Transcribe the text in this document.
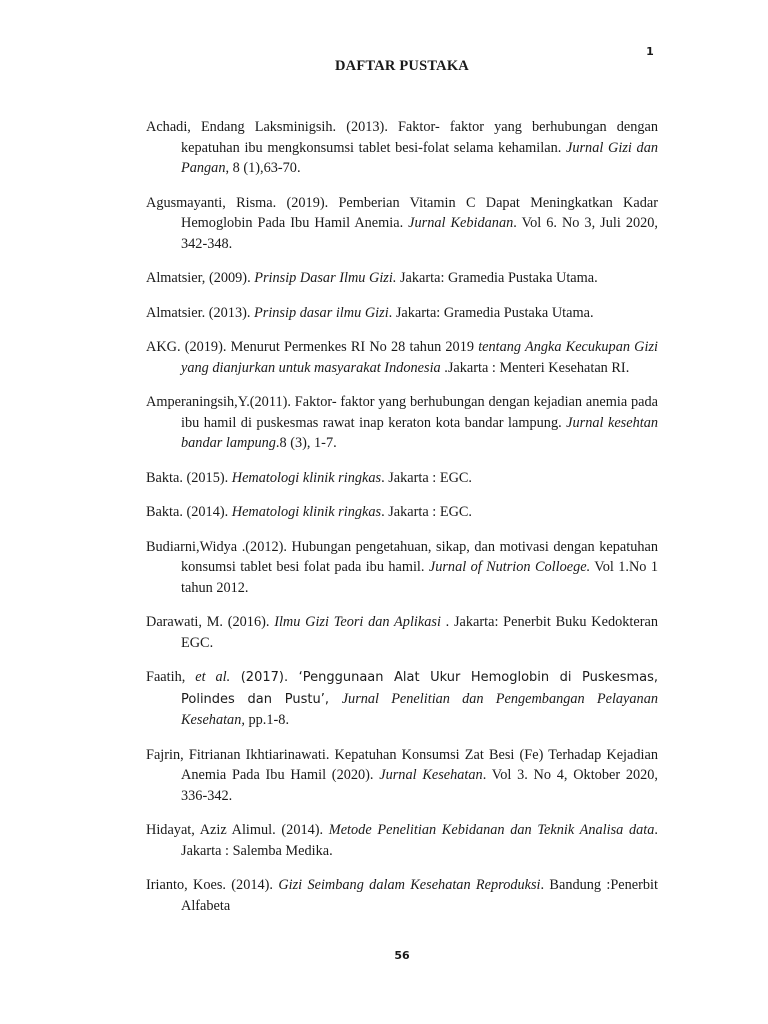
1
DAFTAR PUSTAKA
Achadi, Endang Laksminigsih. (2013). Faktor- faktor yang berhubungan dengan kepatuhan ibu mengkonsumsi tablet besi-folat selama kehamilan. Jurnal Gizi dan Pangan, 8 (1),63-70.
Agusmayanti, Risma. (2019). Pemberian Vitamin C Dapat Meningkatkan Kadar Hemoglobin Pada Ibu Hamil Anemia. Jurnal Kebidanan. Vol 6. No 3, Juli 2020, 342-348.
Almatsier, (2009). Prinsip Dasar Ilmu Gizi. Jakarta: Gramedia Pustaka Utama.
Almatsier. (2013). Prinsip dasar ilmu Gizi. Jakarta: Gramedia Pustaka Utama.
AKG. (2019). Menurut Permenkes RI No 28 tahun 2019 tentang Angka Kecukupan Gizi yang dianjurkan untuk masyarakat Indonesia .Jakarta : Menteri Kesehatan RI.
Amperaningsih,Y.(2011). Faktor- faktor yang berhubungan dengan kejadian anemia pada ibu hamil di puskesmas rawat inap keraton kota bandar lampung. Jurnal kesehtan bandar lampung.8 (3), 1-7.
Bakta. (2015). Hematologi klinik ringkas. Jakarta : EGC.
Bakta. (2014). Hematologi klinik ringkas. Jakarta : EGC.
Budiarni,Widya .(2012). Hubungan pengetahuan, sikap, dan motivasi dengan kepatuhan konsumsi tablet besi folat pada ibu hamil. Jurnal of Nutrion Colloege. Vol 1.No 1 tahun 2012.
Darawati, M. (2016). Ilmu Gizi Teori dan Aplikasi . Jakarta: Penerbit Buku Kedokteran EGC.
Faatih, et al. (2017). ‘Penggunaan Alat Ukur Hemoglobin di Puskesmas, Polindes dan Pustu’, Jurnal Penelitian dan Pengembangan Pelayanan Kesehatan, pp.1-8.
Fajrin, Fitrianan Ikhtiarinawati. Kepatuhan Konsumsi Zat Besi (Fe) Terhadap Kejadian Anemia Pada Ibu Hamil (2020). Jurnal Kesehatan. Vol 3. No 4, Oktober 2020, 336-342.
Hidayat, Aziz Alimul. (2014). Metode Penelitian Kebidanan dan Teknik Analisa data. Jakarta : Salemba Medika.
Irianto, Koes. (2014). Gizi Seimbang dalam Kesehatan Reproduksi. Bandung :Penerbit Alfabeta
56
